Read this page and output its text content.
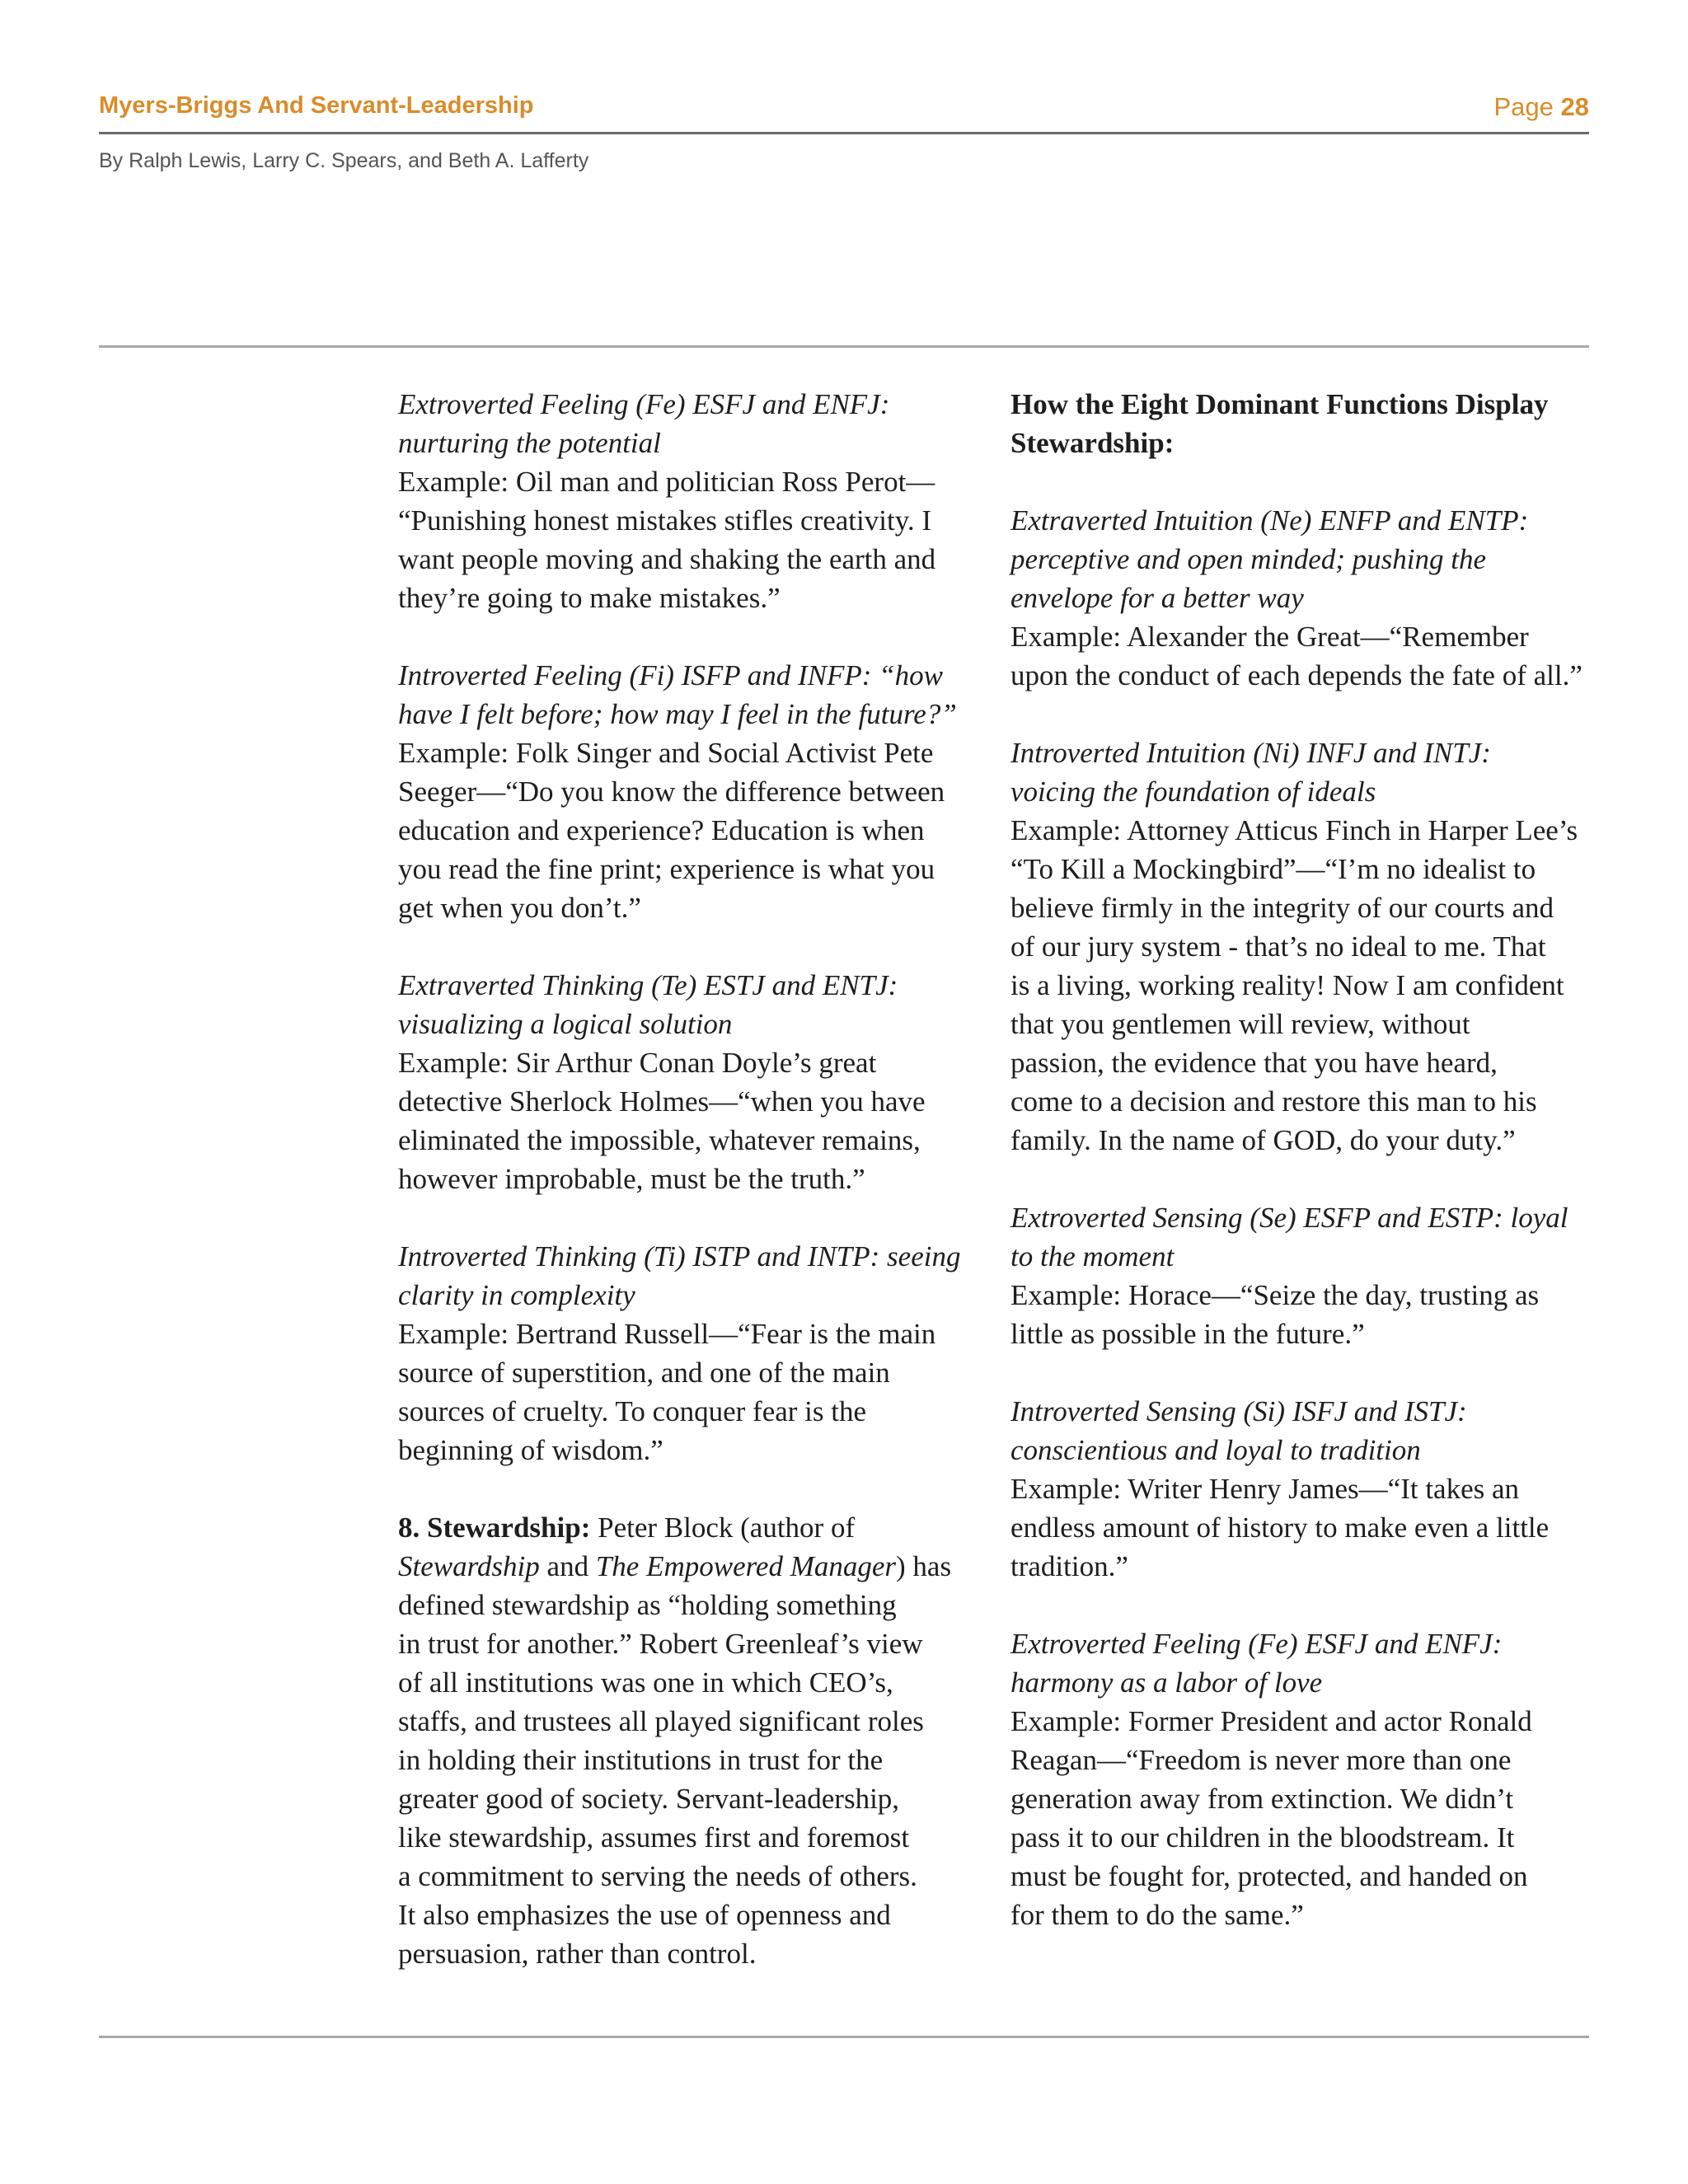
Myers-Briggs And Servant-Leadership	Page 28
By Ralph Lewis, Larry C. Spears, and Beth A. Lafferty
Extroverted Feeling (Fe) ESFJ and ENFJ:
nurturing the potential
Example: Oil man and politician Ross Perot—
“Punishing honest mistakes stifles creativity. I
want people moving and shaking the earth and
they’re going to make mistakes.”
Introverted Feeling (Fi) ISFP and INFP: “how
have I felt before; how may I feel in the future?”
Example: Folk Singer and Social Activist Pete
Seeger—“Do you know the difference between
education and experience? Education is when
you read the fine print; experience is what you
get when you don’t.”
Extraverted Thinking (Te) ESTJ and ENTJ:
visualizing a logical solution
Example: Sir Arthur Conan Doyle’s great
detective Sherlock Holmes—“when you have
eliminated the impossible, whatever remains,
however improbable, must be the truth.”
Introverted Thinking (Ti) ISTP and INTP: seeing
clarity in complexity
Example: Bertrand Russell—“Fear is the main
source of superstition, and one of the main
sources of cruelty. To conquer fear is the
beginning of wisdom.”
8. Stewardship: Peter Block (author of
Stewardship and The Empowered Manager) has
defined stewardship as “holding something
in trust for another.” Robert Greenleaf’s view
of all institutions was one in which CEO’s,
staffs, and trustees all played significant roles
in holding their institutions in trust for the
greater good of society. Servant-leadership,
like stewardship, assumes first and foremost
a commitment to serving the needs of others.
It also emphasizes the use of openness and
persuasion, rather than control.
How the Eight Dominant Functions Display
Stewardship:
Extraverted Intuition (Ne) ENFP and ENTP:
perceptive and open minded; pushing the
envelope for a better way
Example: Alexander the Great—“Remember
upon the conduct of each depends the fate of all.”
Introverted Intuition (Ni) INFJ and INTJ:
voicing the foundation of ideals
Example: Attorney Atticus Finch in Harper Lee’s
“To Kill a Mockingbird”—“I’m no idealist to
believe firmly in the integrity of our courts and
of our jury system - that’s no ideal to me. That
is a living, working reality! Now I am confident
that you gentlemen will review, without
passion, the evidence that you have heard,
come to a decision and restore this man to his
family. In the name of GOD, do your duty.”
Extroverted Sensing (Se) ESFP and ESTP: loyal
to the moment
Example: Horace—“Seize the day, trusting as
little as possible in the future.”
Introverted Sensing (Si) ISFJ and ISTJ:
conscientious and loyal to tradition
Example: Writer Henry James—“It takes an
endless amount of history to make even a little
tradition.”
Extroverted Feeling (Fe) ESFJ and ENFJ:
harmony as a labor of love
Example: Former President and actor Ronald
Reagan—“Freedom is never more than one
generation away from extinction. We didn’t
pass it to our children in the bloodstream. It
must be fought for, protected, and handed on
for them to do the same.”
